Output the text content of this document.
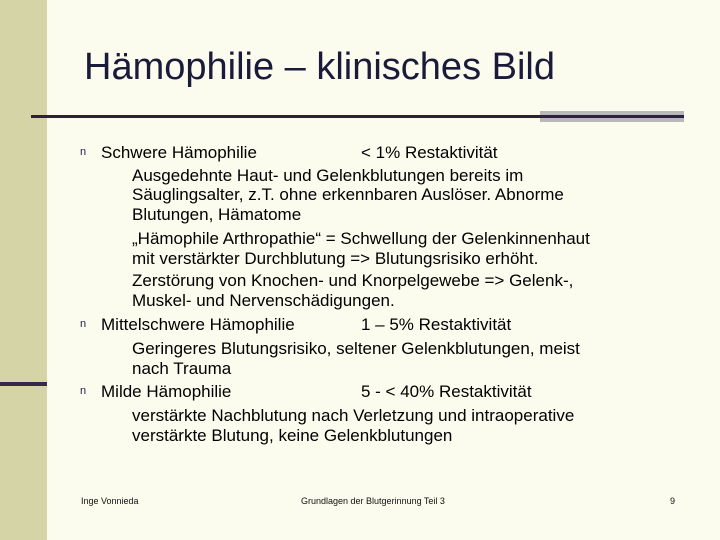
Hämophilie – klinisches Bild
n Schwere Hämophilie	< 1% Restaktivität
Ausgedehnte Haut- und Gelenkblutungen bereits im
Säuglingsalter, z.T. ohne erkennbaren Auslöser. Abnorme
Blutungen, Hämatome
„Hämophile Arthropathie“ = Schwellung der Gelenkinnenhaut
mit verstärkter Durchblutung => Blutungsrisiko erhöht.
Zerstörung von Knochen- und Knorpelgewebe => Gelenk-,
Muskel- und Nervenschädigungen.
n Mittelschwere Hämophilie	1 – 5% Restaktivität
Geringeres Blutungsrisiko, seltener Gelenkblutungen, meist
nach Trauma
n Milde Hämophilie	5 - < 40% Restaktivität
verstärkte Nachblutung nach Verletzung und intraoperative
verstärkte Blutung, keine Gelenkblutungen
Inge Vonnieda	Grundlagen der Blutgerinnung Teil 3	9
